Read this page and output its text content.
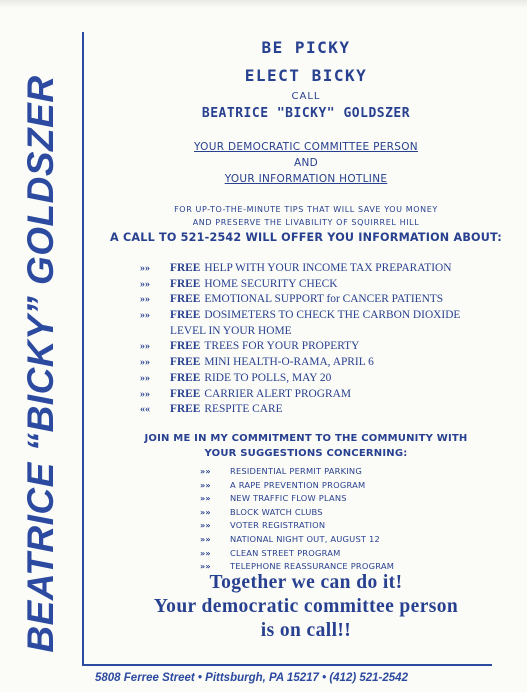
BEATRICE “BICKY” GOLDSZER
BE PICKY
ELECT BICKY
CALL
BEATRICE "BICKY" GOLDSZER
YOUR DEMOCRATIC COMMITTEE PERSON
AND
YOUR INFORMATION HOTLINE
FOR UP-TO-THE-MINUTE TIPS THAT WILL SAVE YOU MONEY
AND PRESERVE THE LIVABILITY OF SQUIRREL HILL
A CALL TO 521-2542 WILL OFFER YOU INFORMATION ABOUT:
»»	FREE HELP WITH YOUR INCOME TAX PREPARATION
»»	FREE HOME SECURITY CHECK
»»	FREE EMOTIONAL SUPPORT for CANCER PATIENTS
»»	FREE DOSIMETERS TO CHECK THE CARBON DIOXIDE
LEVEL IN YOUR HOME
»»	FREE TREES FOR YOUR PROPERTY
»»	FREE MINI HEALTH-O-RAMA, APRIL 6
»»	FREE RIDE TO POLLS, MAY 20
»»	FREE CARRIER ALERT PROGRAM
««	FREE RESPITE CARE
JOIN ME IN MY COMMITMENT TO THE COMMUNITY WITH
YOUR SUGGESTIONS CONCERNING:
»»	RESIDENTIAL PERMIT PARKING
»»	A RAPE PREVENTION PROGRAM
»»	NEW TRAFFIC FLOW PLANS
»»	BLOCK WATCH CLUBS
»»	VOTER REGISTRATION
»»	NATIONAL NIGHT OUT, AUGUST 12
»»	CLEAN STREET PROGRAM
»»	TELEPHONE REASSURANCE PROGRAM
Together we can do it!
Your democratic committee person
is on call!!
5808 Ferree Street • Pittsburgh, PA 15217 • (412) 521-2542
